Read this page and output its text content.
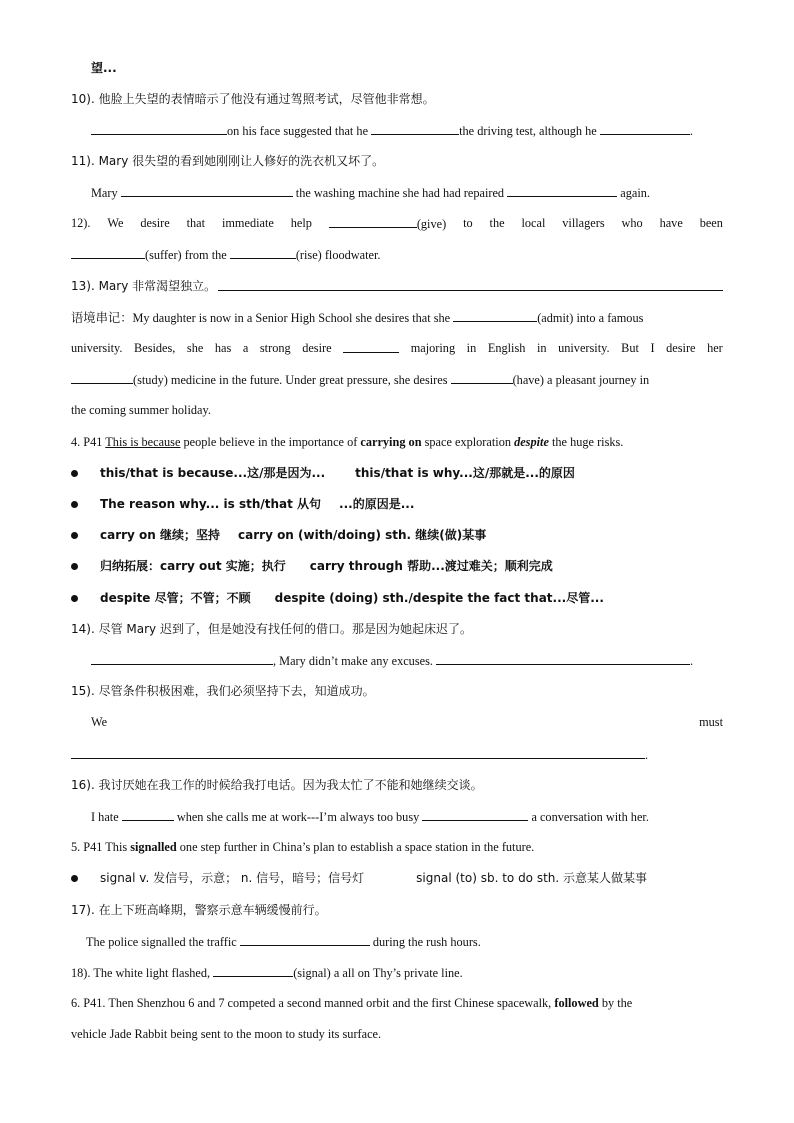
望...
10). 他脸上失望的表情暗示了他没有通过驾照考试，尽管他非常想。
on his face suggested that he	the driving test, although he	.
11). Mary 很失望的看到她刚刚让人修好的洗衣机又坏了。
Mary	the washing machine she had had repaired	again.
12). We desire that immediate help	(give) to the local villagers who have been
(suffer) from the	(rise) floodwater.
13). Mary 非常渴望独立。
语境串记：My daughter is now in a Senior High School she desires that she	(admit) into a famous
university. Besides, she has a strong desire	majoring in English in university. But I desire her
(study) medicine in the future. Under great pressure, she desires	(have) a pleasant journey in
the coming summer holiday.
4. P41 This is because people believe in the importance of carrying on space exploration despite the huge risks.
this/that is because...这/那是因为...	this/that is why...这/那就是...的原因
The reason why... is sth/that 从句 ...的原因是...
carry on 继续；坚持 carry on (with/doing) sth. 继续(做)某事
归纳拓展：carry out 实施；执行 carry through 帮助...渡过难关；顺利完成
despite 尽管；不管；不顾 despite (doing) sth./despite the fact that...尽管...
14). 尽管 Mary 迟到了，但是她没有找任何的借口。那是因为她起床迟了。
, Mary didn’t make any excuses.	.
15). 尽管条件积极困难，我们必须坚持下去，知道成功。
We	must
.
16). 我讨厌她在我工作的时候给我打电话。因为我太忙了不能和她继续交谈。
I hate	when she calls me at work---I’m always too busy	a conversation with her.
5. P41 This signalled one step further in China’s plan to establish a space station in the future.
signal v. 发信号，示意； n. 信号，暗号；信号灯	signal (to) sb. to do sth. 示意某人做某事
17). 在上下班高峰期，警察示意车辆缓慢前行。
The police signalled the traffic	during the rush hours.
18). The white light flashed,	(signal) a all on Thy’s private line.
6. P41. Then Shenzhou 6 and 7 competed a second manned orbit and the first Chinese spacewalk, followed by the
vehicle Jade Rabbit being sent to the moon to study its surface.
